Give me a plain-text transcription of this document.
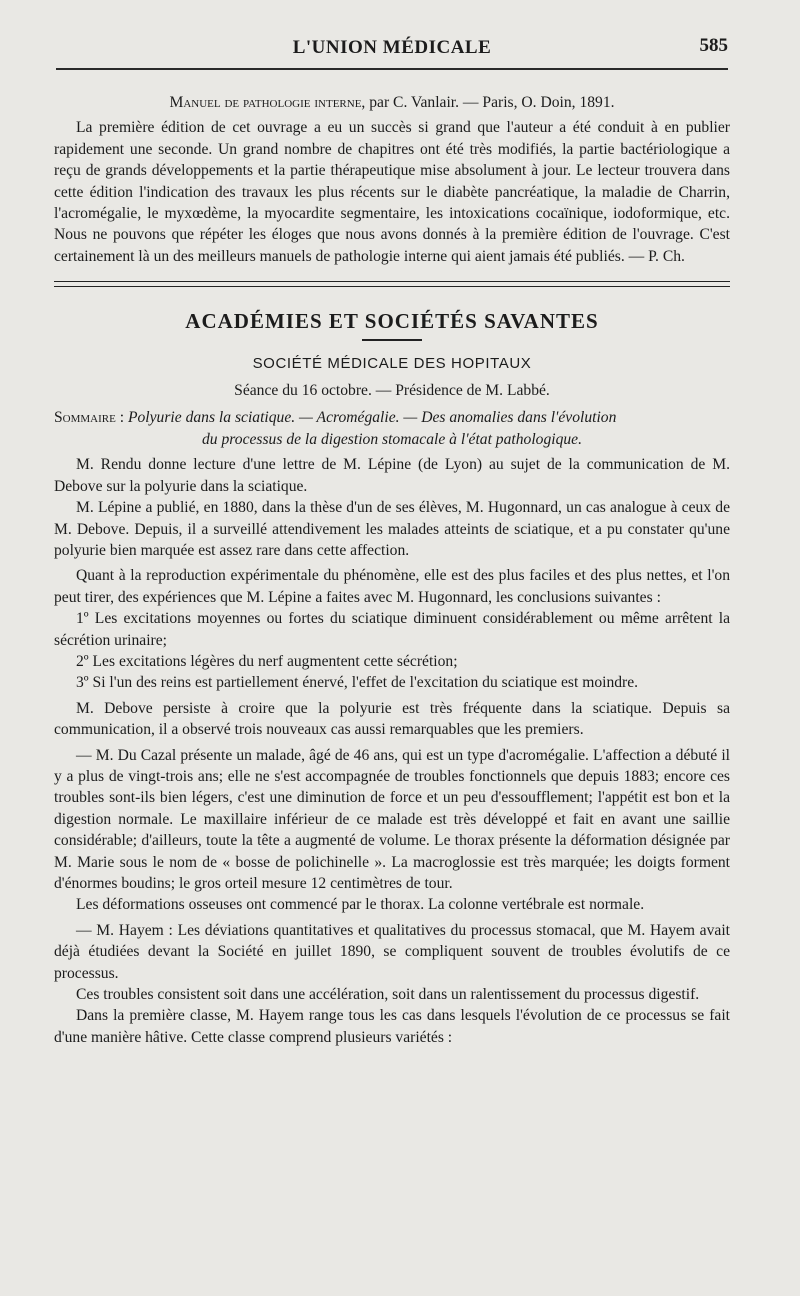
L'UNION MÉDICALE	585

Manuel de pathologie interne, par C. Vanlair. — Paris, O. Doin, 1891.

La première édition de cet ouvrage a eu un succès si grand que l'auteur a été conduit à en publier rapidement une seconde. Un grand nombre de chapitres ont été très modifiés, la partie bactériologique a reçu de grands développements et la partie thérapeutique mise absolument à jour. Le lecteur trouvera dans cette édition l'indication des travaux les plus récents sur le diabète pancréatique, la maladie de Charrin, l'acromégalie, le myxœdème, la myocardite segmentaire, les intoxications cocaïnique, iodoformique, etc. Nous ne pouvons que répéter les éloges que nous avons donnés à la première édition de l'ouvrage. C'est certainement là un des meilleurs manuels de pathologie interne qui aient jamais été publiés. — P. Ch.

ACADÉMIES ET SOCIÉTÉS SAVANTES
SOCIÉTÉ MÉDICALE DES HOPITAUX
Séance du 16 octobre. — Présidence de M. Labbé.

Sommaire : Polyurie dans la sciatique. — Acromégalie. — Des anomalies dans l'évolution

du processus de la digestion stomacale à l'état pathologique.

M. Rendu donne lecture d'une lettre de M. Lépine (de Lyon) au sujet de la communication de M. Debove sur la polyurie dans la sciatique.

M. Lépine a publié, en 1880, dans la thèse d'un de ses élèves, M. Hugonnard, un cas analogue à ceux de M. Debove. Depuis, il a surveillé attendivement les malades atteints de sciatique, et a pu constater qu'une polyurie bien marquée est assez rare dans cette affection.

Quant à la reproduction expérimentale du phénomène, elle est des plus faciles et des plus nettes, et l'on peut tirer, des expériences que M. Lépine a faites avec M. Hugonnard, les conclusions suivantes :

1º Les excitations moyennes ou fortes du sciatique diminuent considérablement ou même arrêtent la sécrétion urinaire;

2º Les excitations légères du nerf augmentent cette sécrétion;

3º Si l'un des reins est partiellement énervé, l'effet de l'excitation du sciatique est moindre.

M. Debove persiste à croire que la polyurie est très fréquente dans la sciatique. Depuis sa communication, il a observé trois nouveaux cas aussi remarquables que les premiers.

— M. Du Cazal présente un malade, âgé de 46 ans, qui est un type d'acromégalie. L'affection a débuté il y a plus de vingt-trois ans; elle ne s'est accompagnée de troubles fonctionnels que depuis 1883; encore ces troubles sont-ils bien légers, c'est une diminution de force et un peu d'essoufflement; l'appétit est bon et la digestion normale. Le maxillaire inférieur de ce malade est très développé et fait en avant une saillie considérable; d'ailleurs, toute la tête a augmenté de volume. Le thorax présente la déformation désignée par M. Marie sous le nom de « bosse de polichinelle ». La macroglossie est très marquée; les doigts forment d'énormes boudins; le gros orteil mesure 12 centimètres de tour.

Les déformations osseuses ont commencé par le thorax. La colonne vertébrale est normale.

— M. Hayem : Les déviations quantitatives et qualitatives du processus stomacal, que M. Hayem avait déjà étudiées devant la Société en juillet 1890, se compliquent souvent de troubles évolutifs de ce processus.

Ces troubles consistent soit dans une accélération, soit dans un ralentissement du processus digestif.

Dans la première classe, M. Hayem range tous les cas dans lesquels l'évolution de ce processus se fait d'une manière hâtive. Cette classe comprend plusieurs variétés :
